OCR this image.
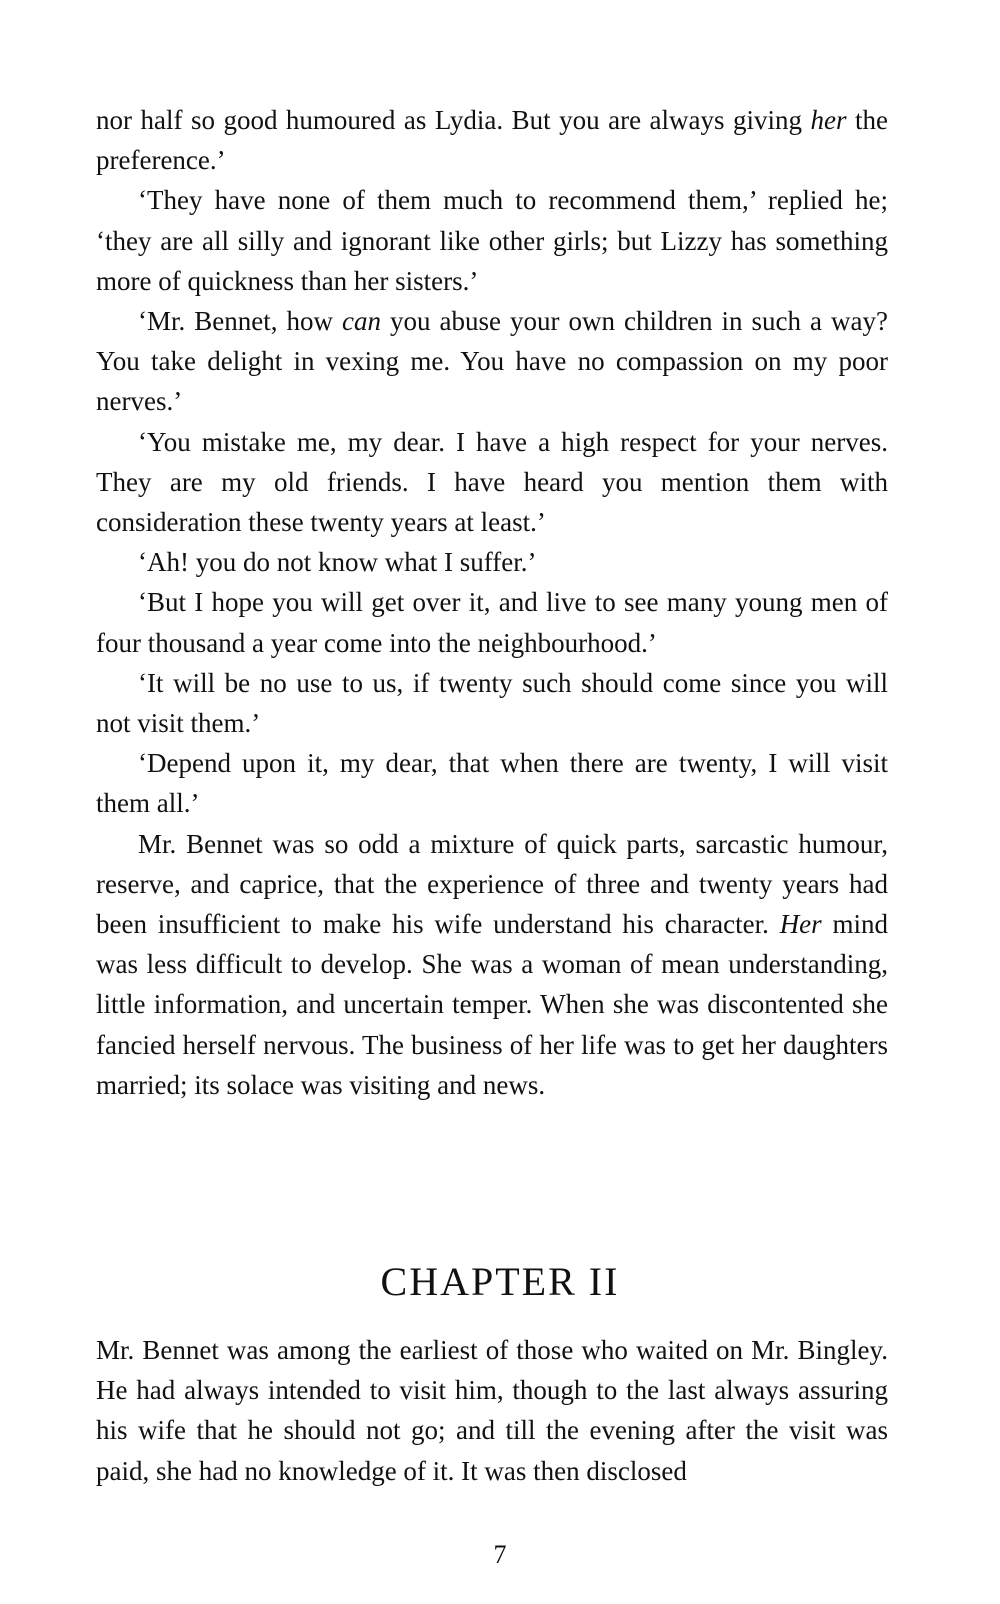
nor half so good humoured as Lydia. But you are always giving her the preference.’

‘They have none of them much to recommend them,’ replied he; ‘they are all silly and ignorant like other girls; but Lizzy has something more of quickness than her sisters.’

‘Mr. Bennet, how can you abuse your own children in such a way? You take delight in vexing me. You have no compassion on my poor nerves.’

‘You mistake me, my dear. I have a high respect for your nerves. They are my old friends. I have heard you mention them with consideration these twenty years at least.’

‘Ah! you do not know what I suffer.’

‘But I hope you will get over it, and live to see many young men of four thousand a year come into the neighbourhood.’

‘It will be no use to us, if twenty such should come since you will not visit them.’

‘Depend upon it, my dear, that when there are twenty, I will visit them all.’

Mr. Bennet was so odd a mixture of quick parts, sarcastic humour, reserve, and caprice, that the experience of three and twenty years had been insufficient to make his wife understand his character. Her mind was less difficult to develop. She was a woman of mean understanding, little information, and uncertain temper. When she was discontented she fancied herself nervous. The business of her life was to get her daughters married; its solace was visiting and news.

CHAPTER II

Mr. Bennet was among the earliest of those who waited on Mr. Bingley. He had always intended to visit him, though to the last always assuring his wife that he should not go; and till the evening after the visit was paid, she had no knowledge of it. It was then disclosed

7
